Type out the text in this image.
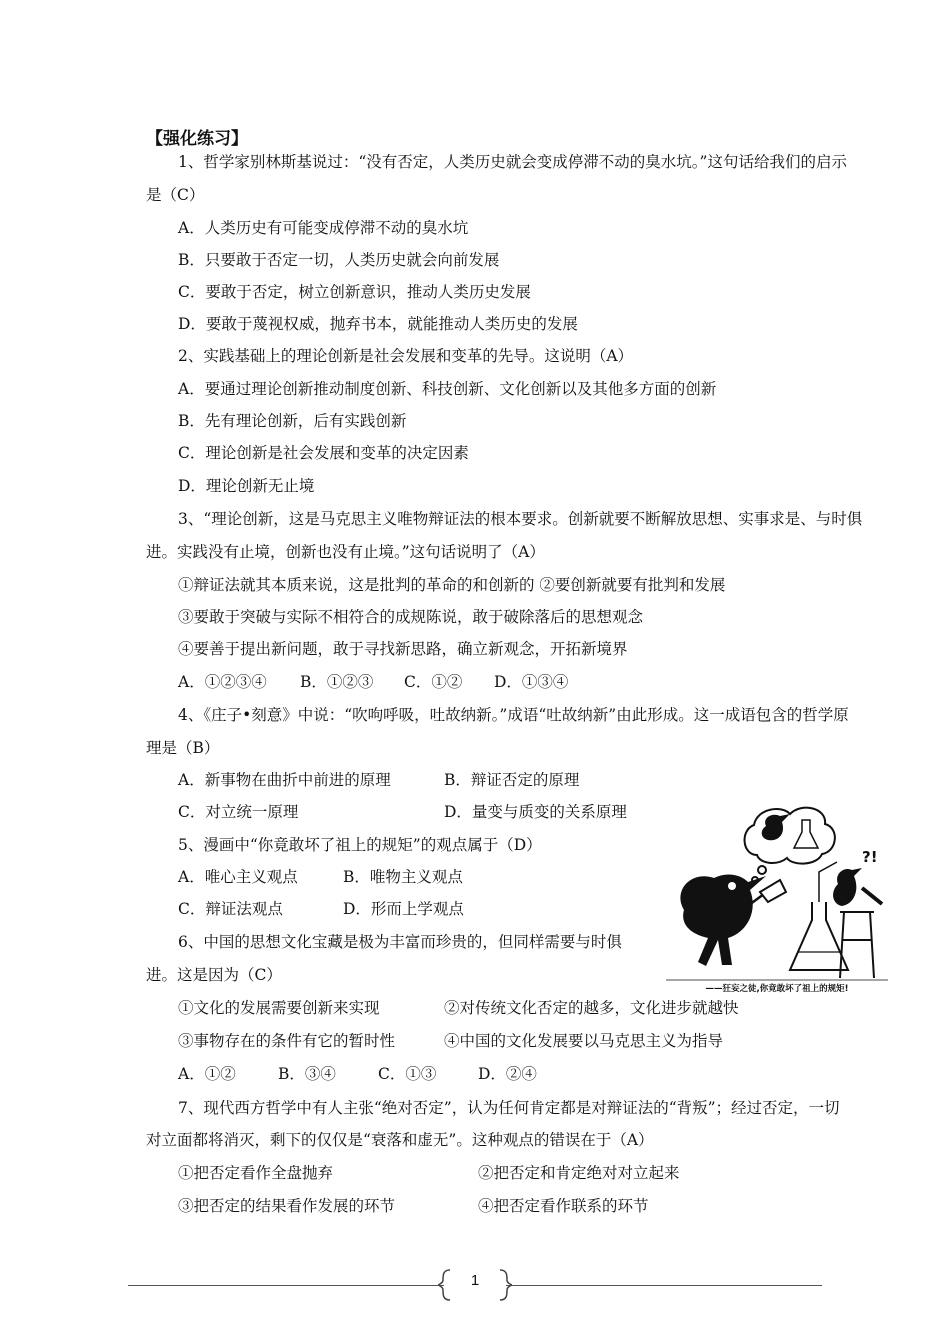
【强化练习】
1、哲学家别林斯基说过：“没有否定，人类历史就会变成停滞不动的臭水坑。”这句话给我们的启示
是（C）
A．人类历史有可能变成停滞不动的臭水坑
B．只要敢于否定一切，人类历史就会向前发展
C．要敢于否定，树立创新意识，推动人类历史发展
D．要敢于蔑视权威，抛弃书本，就能推动人类历史的发展
2、实践基础上的理论创新是社会发展和变革的先导。这说明（A）
A．要通过理论创新推动制度创新、科技创新、文化创新以及其他多方面的创新
B．先有理论创新，后有实践创新
C．理论创新是社会发展和变革的决定因素
D．理论创新无止境
3、“理论创新，这是马克思主义唯物辩证法的根本要求。创新就要不断解放思想、实事求是、与时俱
进。实践没有止境，创新也没有止境。”这句话说明了（A）
①辩证法就其本质来说，这是批判的革命的和创新的 ②要创新就要有批判和发展
③要敢于突破与实际不相符合的成规陈说，敢于破除落后的思想观念
④要善于提出新问题，敢于寻找新思路，确立新观念，开拓新境界
A．①②③④ B．①②③ C．①② D．①③④
4、《庄子•刻意》中说：“吹呴呼吸，吐故纳新。”成语“吐故纳新”由此形成。这一成语包含的哲学原
理是（B）
A．新事物在曲折中前进的原理	B．辩证否定的原理
C．对立统一原理	D．量变与质变的关系原理
5、漫画中“你竟敢坏了祖上的规矩”的观点属于（D）
A．唯心主义观点	B．唯物主义观点
C．辩证法观点	D．形而上学观点
6、中国的思想文化宝藏是极为丰富而珍贵的，但同样需要与时俱
进。这是因为（C）
①文化的发展需要创新来实现	②对传统文化否定的越多，文化进步就越快
③事物存在的条件有它的暂时性	④中国的文化发展要以马克思主义为指导
A．①②	B．③④	C．①③	D．②④
7、现代西方哲学中有人主张“绝对否定”，认为任何肯定都是对辩证法的“背叛”；经过否定，一切
对立面都将消灭，剩下的仅仅是“衰落和虚无”。这种观点的错误在于（A）
①把否定看作全盘抛弃	②把否定和肯定绝对对立起来
③把否定的结果看作发展的环节	④把否定看作联系的环节
?!
——狂妄之徒,你竟敢坏了祖上的规矩!
1
